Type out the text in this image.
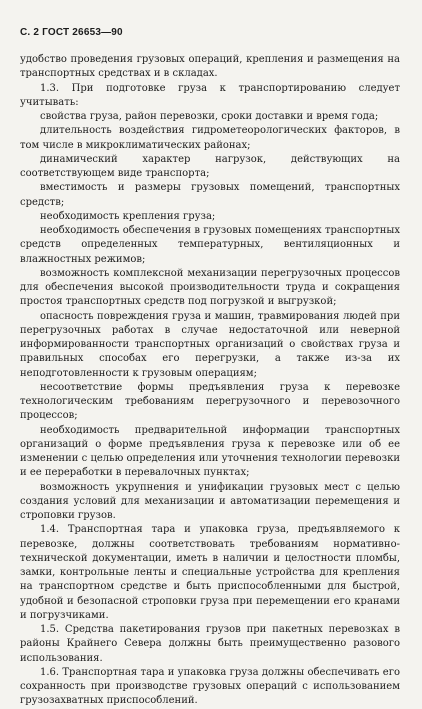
С. 2 ГОСТ 26653—90

удобство проведения грузовых операций, крепления и размещения на транспортных средствах и в складах.

1.3. При подготовке груза к транспортированию следует учитывать:

свойства груза, район перевозки, сроки доставки и время года;

длительность воздействия гидрометеорологических факторов, в том числе в микроклиматических районах;

динамический характер нагрузок, действующих на соответствующем виде транспорта;

вместимость и размеры грузовых помещений, транспортных средств;

необходимость крепления груза;

необходимость обеспечения в грузовых помещениях транспортных средств определенных температурных, вентиляционных и влажностных режимов;

возможность комплексной механизации перегрузочных процессов для обеспечения высокой производительности труда и сокращения простоя транспортных средств под погрузкой и выгрузкой;

опасность повреждения груза и машин, травмирования людей при перегрузочных работах в случае недостаточной или неверной информированности транспортных организаций о свойствах груза и правильных способах его перегрузки, а также из-за их неподготовленности к грузовым операциям;

несоответствие формы предъявления груза к перевозке технологическим требованиям перегрузочного и перевозочного процессов;

необходимость предварительной информации транспортных организаций о форме предъявления груза к перевозке или об ее изменении с целью определения или уточнения технологии перевозки и ее переработки в перевалочных пунктах;

возможность укрупнения и унификации грузовых мест с целью создания условий для механизации и автоматизации перемещения и строповки грузов.

1.4. Транспортная тара и упаковка груза, предъявляемого к перевозке, должны соответствовать требованиям нормативно-технической документации, иметь в наличии и целостности пломбы, замки, контрольные ленты и специальные устройства для крепления на транспортном средстве и быть приспособленными для быстрой, удобной и безопасной строповки груза при перемещении его кранами и погрузчиками.

1.5. Средства пакетирования грузов при пакетных перевозках в районы Крайнего Севера должны быть преимущественно разового использования.

1.6. Транспортная тара и упаковка груза должны обеспечивать его сохранность при производстве грузовых операций с использованием грузозахватных приспособлений.
